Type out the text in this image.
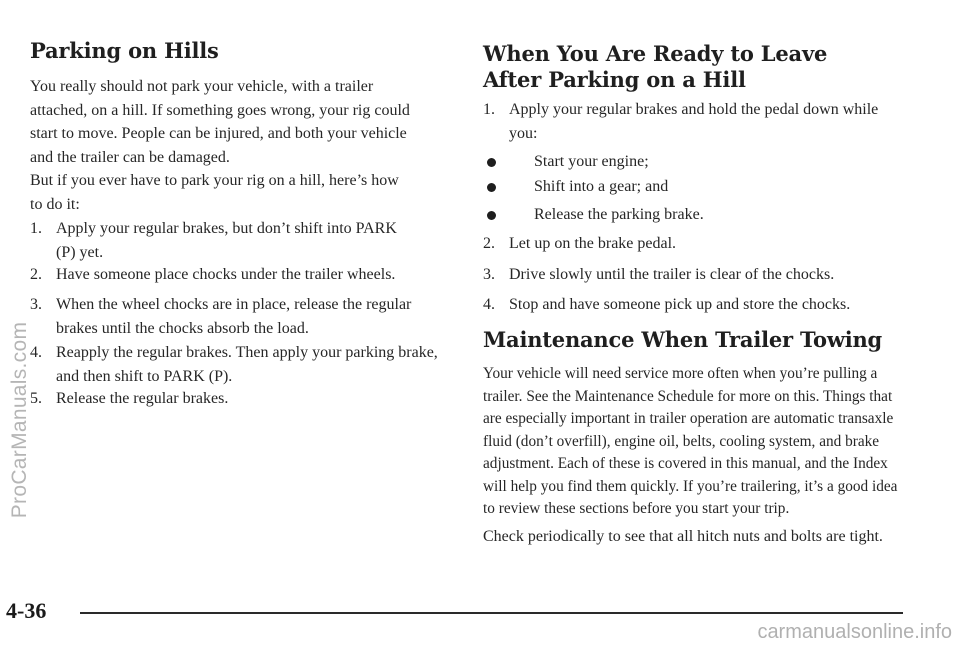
Parking on Hills

You really should not park your vehicle, with a trailer attached, on a hill. If something goes wrong, your rig could start to move. People can be injured, and both your vehicle and the trailer can be damaged.

But if you ever have to park your rig on a hill, here’s how to do it:

1. Apply your regular brakes, but don’t shift into PARK (P) yet.
2. Have someone place chocks under the trailer wheels.
3. When the wheel chocks are in place, release the regular brakes until the chocks absorb the load.
4. Reapply the regular brakes. Then apply your parking brake, and then shift to PARK (P).
5. Release the regular brakes.
When You Are Ready to Leave After Parking on a Hill
1. Apply your regular brakes and hold the pedal down while you:
Start your engine;
Shift into a gear; and
Release the parking brake.
2. Let up on the brake pedal.
3. Drive slowly until the trailer is clear of the chocks.
4. Stop and have someone pick up and store the chocks.
Maintenance When Trailer Towing

Your vehicle will need service more often when you’re pulling a trailer. See the Maintenance Schedule for more on this. Things that are especially important in trailer operation are automatic transaxle fluid (don’t overfill), engine oil, belts, cooling system, and brake adjustment. Each of these is covered in this manual, and the Index will help you find them quickly. If you’re trailering, it’s a good idea to review these sections before you start your trip.

Check periodically to see that all hitch nuts and bolts are tight.

4-36
ProCarManuals.com
carmanualsonline.info
